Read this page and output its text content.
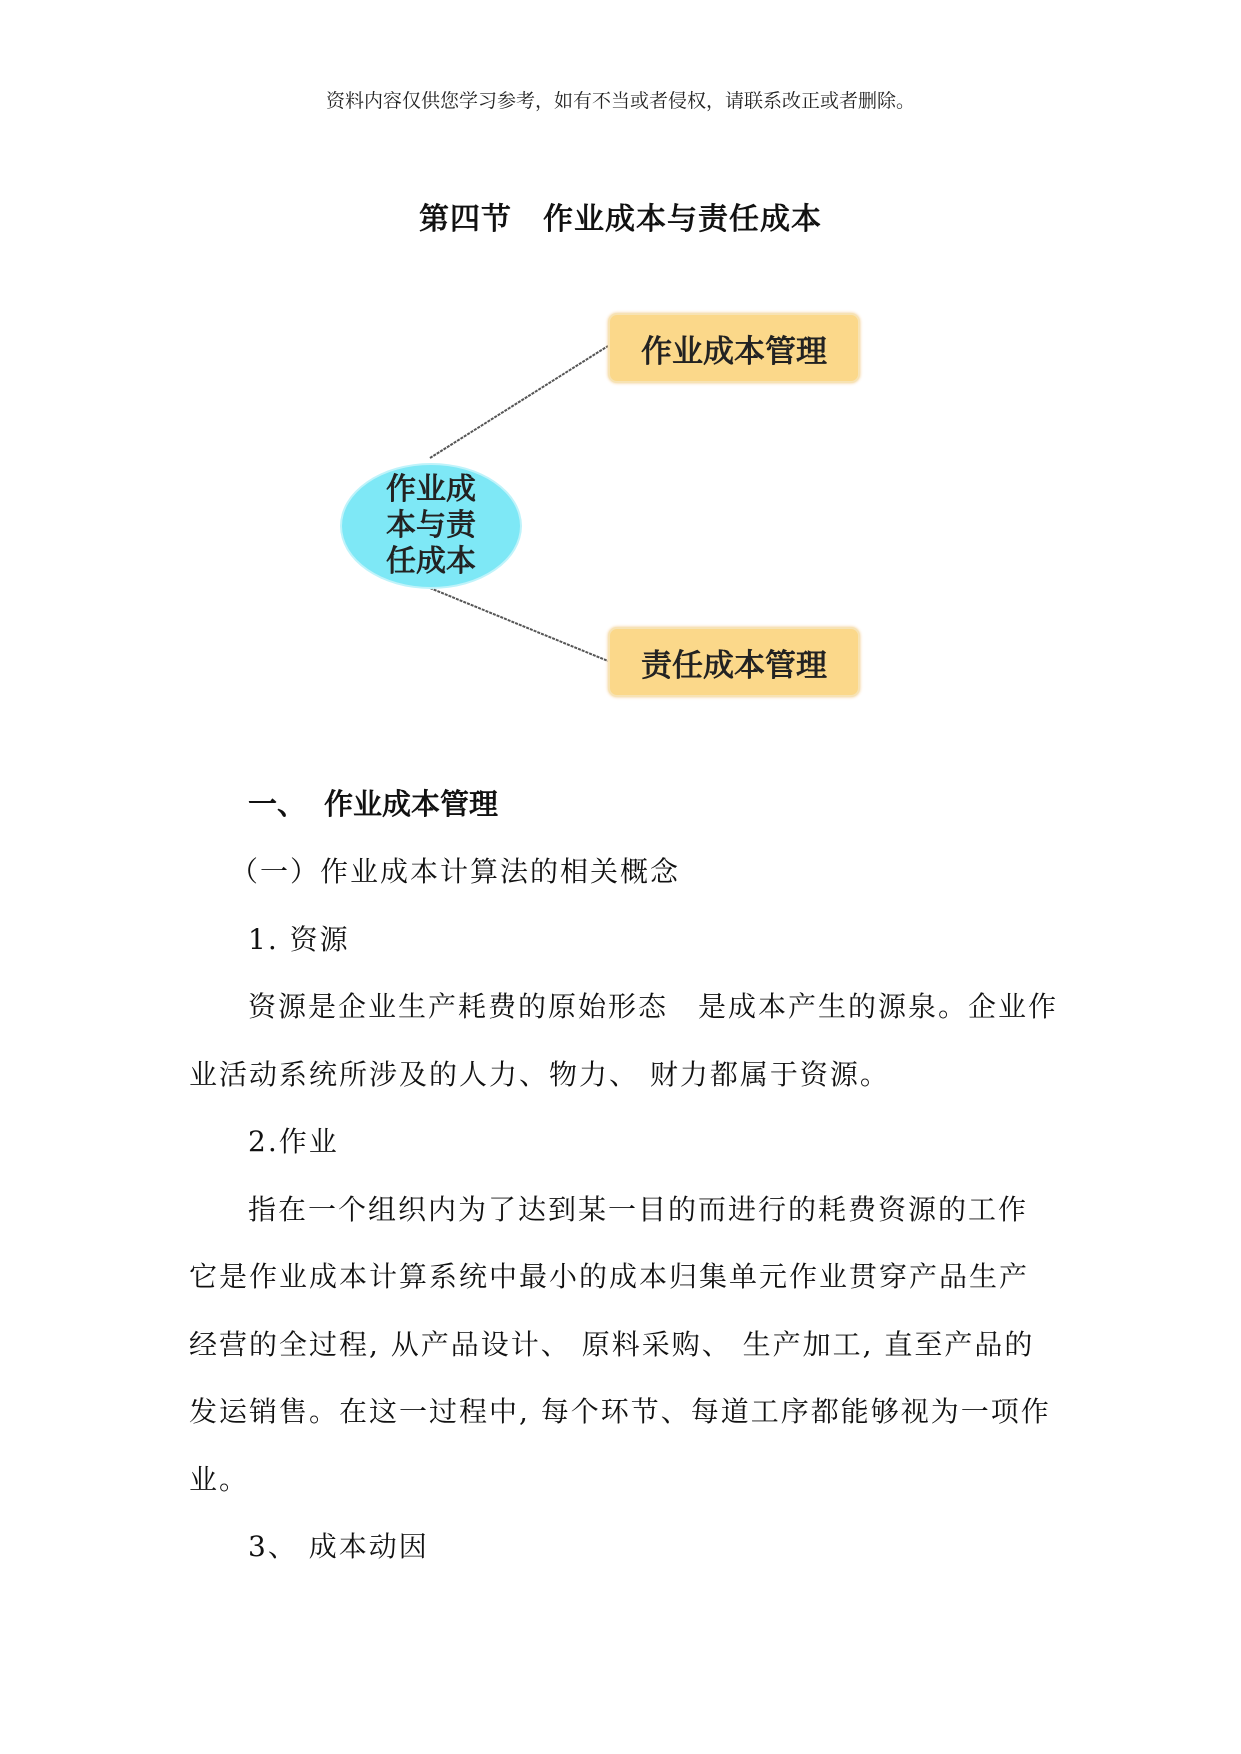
资料内容仅供您学习参考，如有不当或者侵权，请联系改正或者删除。
第四节　作业成本与责任成本
作业成
本与责
任成本
作业成本管理
责任成本管理
一、 作业成本管理
（一）作业成本计算法的相关概念
1. 资源
资源是企业生产耗费的原始形态　是成本产生的源泉。企业作
业活动系统所涉及的人力、物力、 财力都属于资源。
2.作业
指在一个组织内为了达到某一目的而进行的耗费资源的工作
它是作业成本计算系统中最小的成本归集单元作业贯穿产品生产
经营的全过程, 从产品设计、 原料采购、 生产加工, 直至产品的
发运销售。在这一过程中, 每个环节、每道工序都能够视为一项作
业。
3、 成本动因
